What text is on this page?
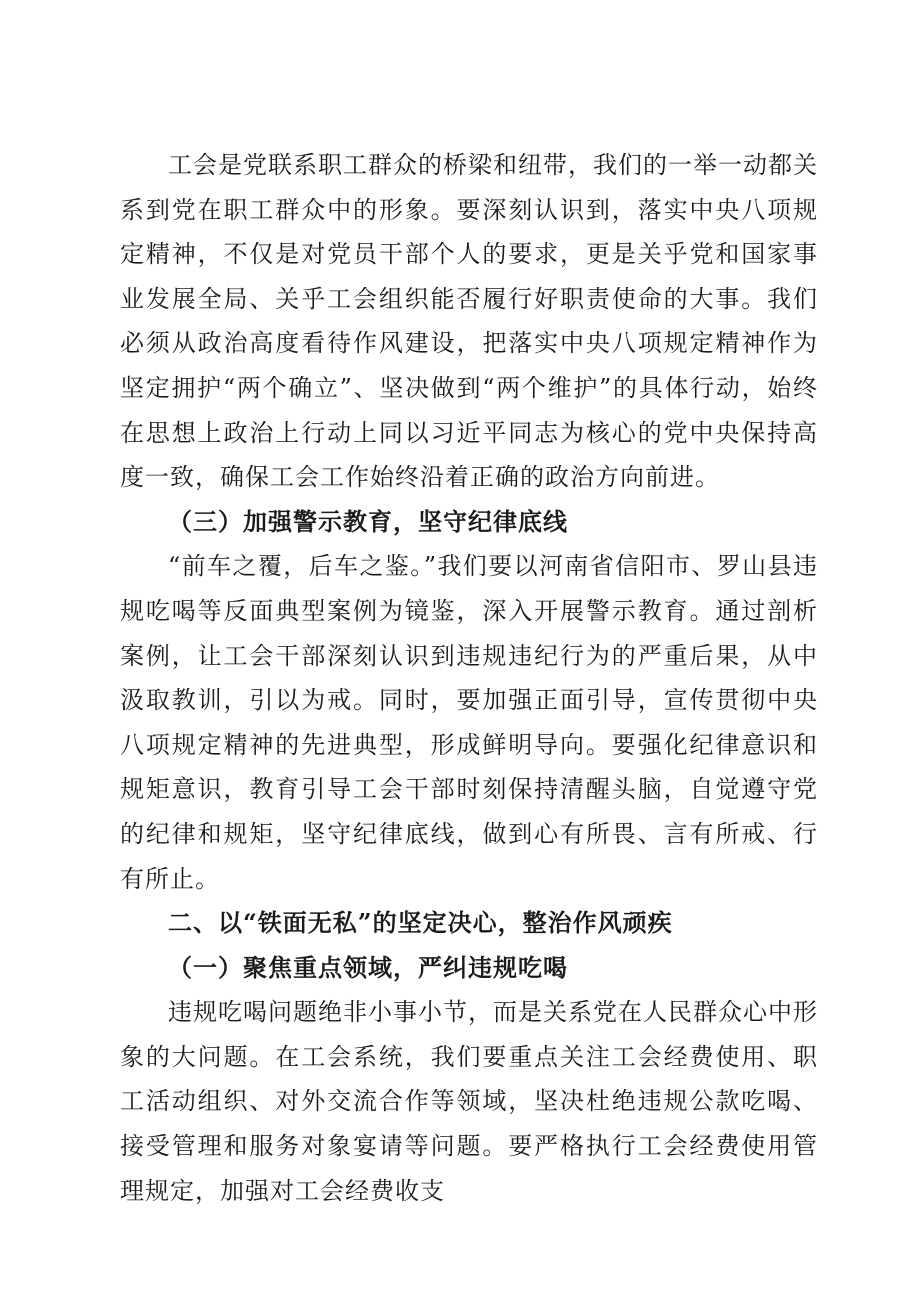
工会是党联系职工群众的桥梁和纽带，我们的一举一动都关系到党在职工群众中的形象。要深刻认识到，落实中央八项规定精神，不仅是对党员干部个人的要求，更是关乎党和国家事业发展全局、关乎工会组织能否履行好职责使命的大事。我们必须从政治高度看待作风建设，把落实中央八项规定精神作为坚定拥护“两个确立”、坚决做到“两个维护”的具体行动，始终在思想上政治上行动上同以习近平同志为核心的党中央保持高度一致，确保工会工作始终沿着正确的政治方向前进。

（三）加强警示教育，坚守纪律底线

“前车之覆，后车之鉴。”我们要以河南省信阳市、罗山县违规吃喝等反面典型案例为镜鉴，深入开展警示教育。通过剖析案例，让工会干部深刻认识到违规违纪行为的严重后果，从中汲取教训，引以为戒。同时，要加强正面引导，宣传贯彻中央八项规定精神的先进典型，形成鲜明导向。要强化纪律意识和规矩意识，教育引导工会干部时刻保持清醒头脑，自觉遵守党的纪律和规矩，坚守纪律底线，做到心有所畏、言有所戒、行有所止。

二、以“铁面无私”的坚定决心，整治作风顽疾

（一）聚焦重点领域，严纠违规吃喝

违规吃喝问题绝非小事小节，而是关系党在人民群众心中形象的大问题。在工会系统，我们要重点关注工会经费使用、职工活动组织、对外交流合作等领域，坚决杜绝违规公款吃喝、接受管理和服务对象宴请等问题。要严格执行工会经费使用管理规定，加强对工会经费收支
